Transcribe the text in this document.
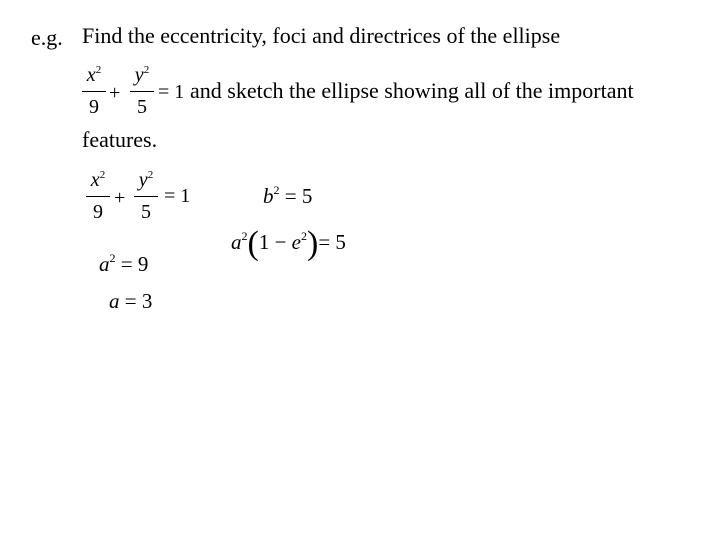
e.g. Find the eccentricity, foci and directrices of the ellipse
$x^2$
9
+
$y^2$
5
= 1 and sketch the ellipse showing all of the important
features.
$x^2$
9
+
$y^2$
5
= 1	$b^2 = 5$
$a^2(1 - e^2)= 5$
$a^2 = 9$
a = 3
